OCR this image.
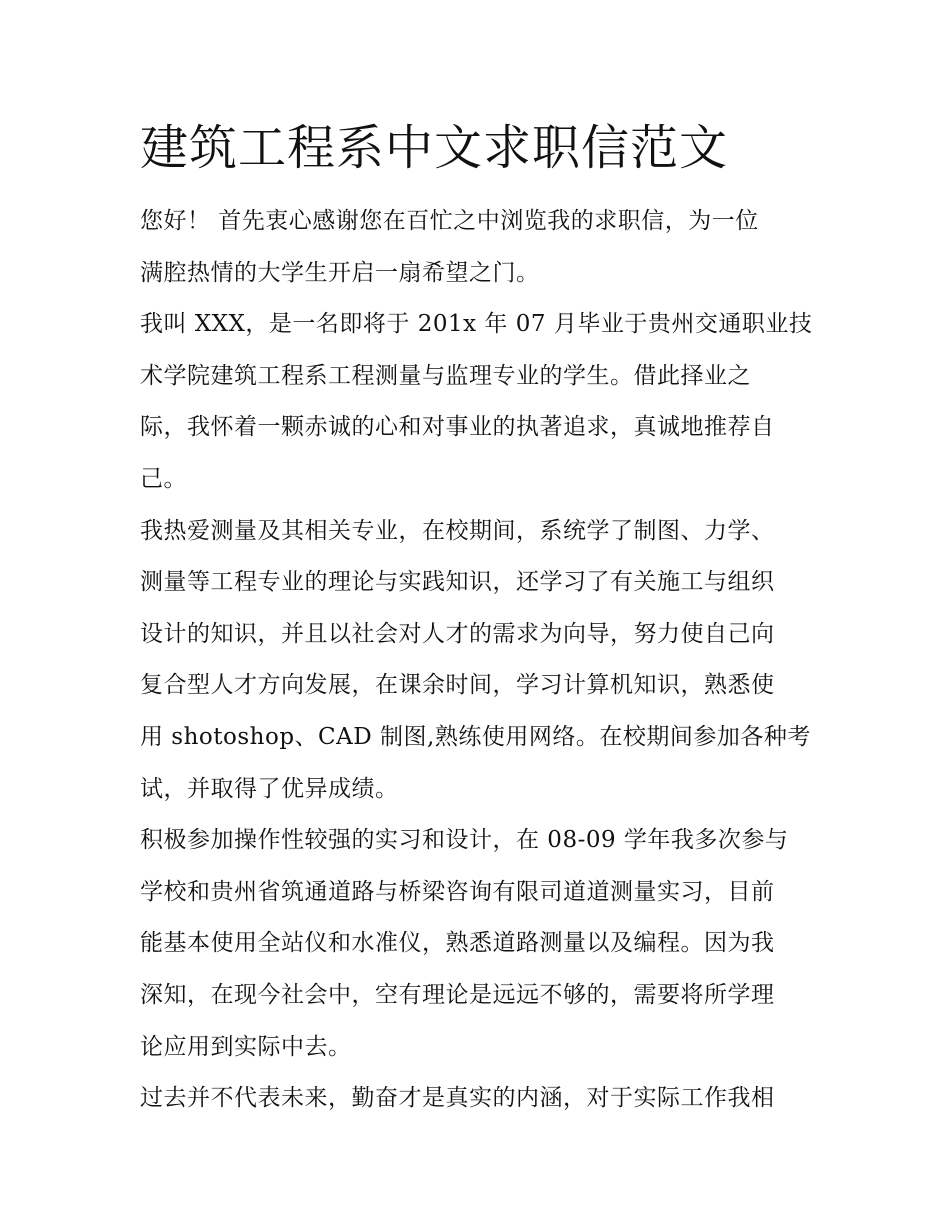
建筑工程系中文求职信范文
您好！ 首先衷心感谢您在百忙之中浏览我的求职信，为一位
满腔热情的大学生开启一扇希望之门。
我叫 XXX，是一名即将于 201x 年 07 月毕业于贵州交通职业技
术学院建筑工程系工程测量与监理专业的学生。借此择业之
际，我怀着一颗赤诚的心和对事业的执著追求，真诚地推荐自
己。
我热爱测量及其相关专业，在校期间，系统学了制图、力学、
测量等工程专业的理论与实践知识，还学习了有关施工与组织
设计的知识，并且以社会对人才的需求为向导，努力使自己向
复合型人才方向发展，在课余时间，学习计算机知识，熟悉使
用 shotoshop、CAD 制图,熟练使用网络。在校期间参加各种考
试，并取得了优异成绩。
积极参加操作性较强的实习和设计，在 08-09 学年我多次参与
学校和贵州省筑通道路与桥梁咨询有限司道道测量实习，目前
能基本使用全站仪和水准仪，熟悉道路测量以及编程。因为我
深知，在现今社会中，空有理论是远远不够的，需要将所学理
论应用到实际中去。
过去并不代表未来，勤奋才是真实的内涵，对于实际工作我相
